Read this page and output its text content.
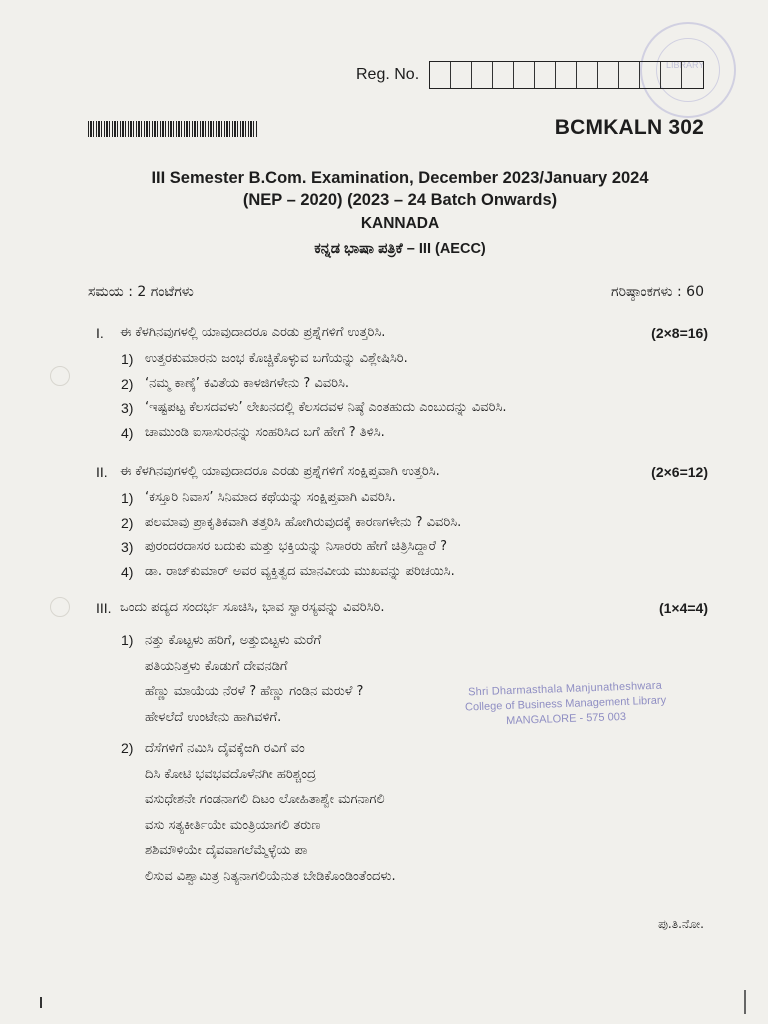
LIBRARY
Reg. No.
BCMKALN 302
III Semester B.Com. Examination, December 2023/January 2024
(NEP – 2020) (2023 – 24 Batch Onwards)
KANNADA
ಕನ್ನಡ ಭಾಷಾ ಪತ್ರಿಕೆ – III (AECC)
ಸಮಯ : 2 ಗಂಟೆಗಳು	ಗರಿಷ್ಠಾಂಕಗಳು : 60
I.	ಈ ಕೆಳಗಿನವುಗಳಲ್ಲಿ ಯಾವುದಾದರೂ ಎರಡು ಪ್ರಶ್ನೆಗಳಿಗೆ ಉತ್ತರಿಸಿ.	(2×8=16)
1) ಉತ್ತರಕುಮಾರನು ಜಂಭ ಕೊಚ್ಚಿಕೊಳ್ಳುವ ಬಗೆಯನ್ನು ವಿಶ್ಲೇಷಿಸಿರಿ.
2) ‘ನಮ್ಮ ಕಾಣ್ಕೆ’ ಕವಿತೆಯ ಕಾಳಜಿಗಳೇನು ? ವಿವರಿಸಿ.
3) ‘ಇಷ್ಟಪಟ್ಟ ಕೆಲಸದವಳು’ ಲೇಖನದಲ್ಲಿ ಕೆಲಸದವಳ ನಿಷ್ಠೆ ಎಂತಹುದು ಎಂಬುದನ್ನು ವಿವರಿಸಿ.
4) ಚಾಮುಂಡಿ ಐಸಾಸುರನನ್ನು ಸಂಹರಿಸಿದ ಬಗೆ ಹೇಗೆ ? ತಿಳಿಸಿ.
II. ಈ ಕೆಳಗಿನವುಗಳಲ್ಲಿ ಯಾವುದಾದರೂ ಎರಡು ಪ್ರಶ್ನೆಗಳಿಗೆ ಸಂಕ್ಷಿಪ್ತವಾಗಿ ಉತ್ತರಿಸಿ.	(2×6=12)
1) ‘ಕಸ್ತೂರಿ ನಿವಾಸ’ ಸಿನಿಮಾದ ಕಥೆಯನ್ನು ಸಂಕ್ಷಿಪ್ತವಾಗಿ ವಿವರಿಸಿ.
2) ಪಲಮಾವು ಪ್ರಾಕೃತಿಕವಾಗಿ ತತ್ತರಿಸಿ ಹೋಗಿರುವುದಕ್ಕೆ ಕಾರಣಗಳೇನು ? ವಿವರಿಸಿ.
3) ಪುರಂದರದಾಸರ ಬದುಕು ಮತ್ತು ಭಕ್ತಿಯನ್ನು ನಿಸಾರರು ಹೇಗೆ ಚಿತ್ರಿಸಿದ್ದಾರೆ ?
4) ಡಾ. ರಾಜ್‌ಕುಮಾರ್ ಅವರ ವ್ಯಕ್ತಿತ್ವದ ಮಾನವೀಯ ಮುಖವನ್ನು ಪರಿಚಯಿಸಿ.
III. ಒಂದು ಪದ್ಯದ ಸಂದರ್ಭ ಸೂಚಿಸಿ, ಭಾವ ಸ್ವಾರಸ್ಯವನ್ನು ವಿವರಿಸಿರಿ.	(1×4=4)
1) ನತ್ತು ಕೊಟ್ಟಳು ಹರಿಗೆ, ಅತ್ತುಬಿಟ್ಟಳು ಮರೆಗೆ
ಪತಿಯನಿತ್ತಳು ಕೊಡುಗೆ ದೇವನಡಿಗೆ
ಹೆಣ್ಣು ಮಾಯೆಯ ನೆರಳೆ ? ಹೆಣ್ಣು ಗಂಡಿನ ಮರುಳೆ ?
ಹೇಳಲೆದೆ ಉಂಟೇನು ಹಾಗಿವಳಿಗೆ.
2) ದೆಸೆಗಳಿಗೆ ನಮಿಸಿ ದೈವಕ್ಕೆಱಗಿ ರವಿಗೆ ವಂ
ದಿಸಿ ಕೋಟಿ ಭವಭವದೊಳೆನಗೀ ಹರಿಶ್ಚಂದ್ರ
ವಸುಧೇಶನೇ ಗಂಡನಾಗಲಿ ದಿಟಂ ಲೋಹಿತಾಶ್ವೇ ಮಗನಾಗಲಿ
ವಸು ಸತ್ಯಕೀರ್ತಿಯೇ ಮಂತ್ರಿಯಾಗಲಿ ತರುಣ
ಶಶಿಮೌಳಿಯೇ ದೈವವಾಗಲೆಮ್ಮೆಳ್ಳೆಯ ಪಾ
ಲಿಸುವ ವಿಶ್ವಾಮಿತ್ರ ನಿತ್ಯನಾಗಲಿಯೆನುತ ಬೇಡಿಕೊಂಡಿಂತೆಂದಳು.
Shri Dharmasthala Manjunatheshwara
College of Business Management Library
MANGALORE - 575 003
ಪು.ತಿ.ನೋ.
